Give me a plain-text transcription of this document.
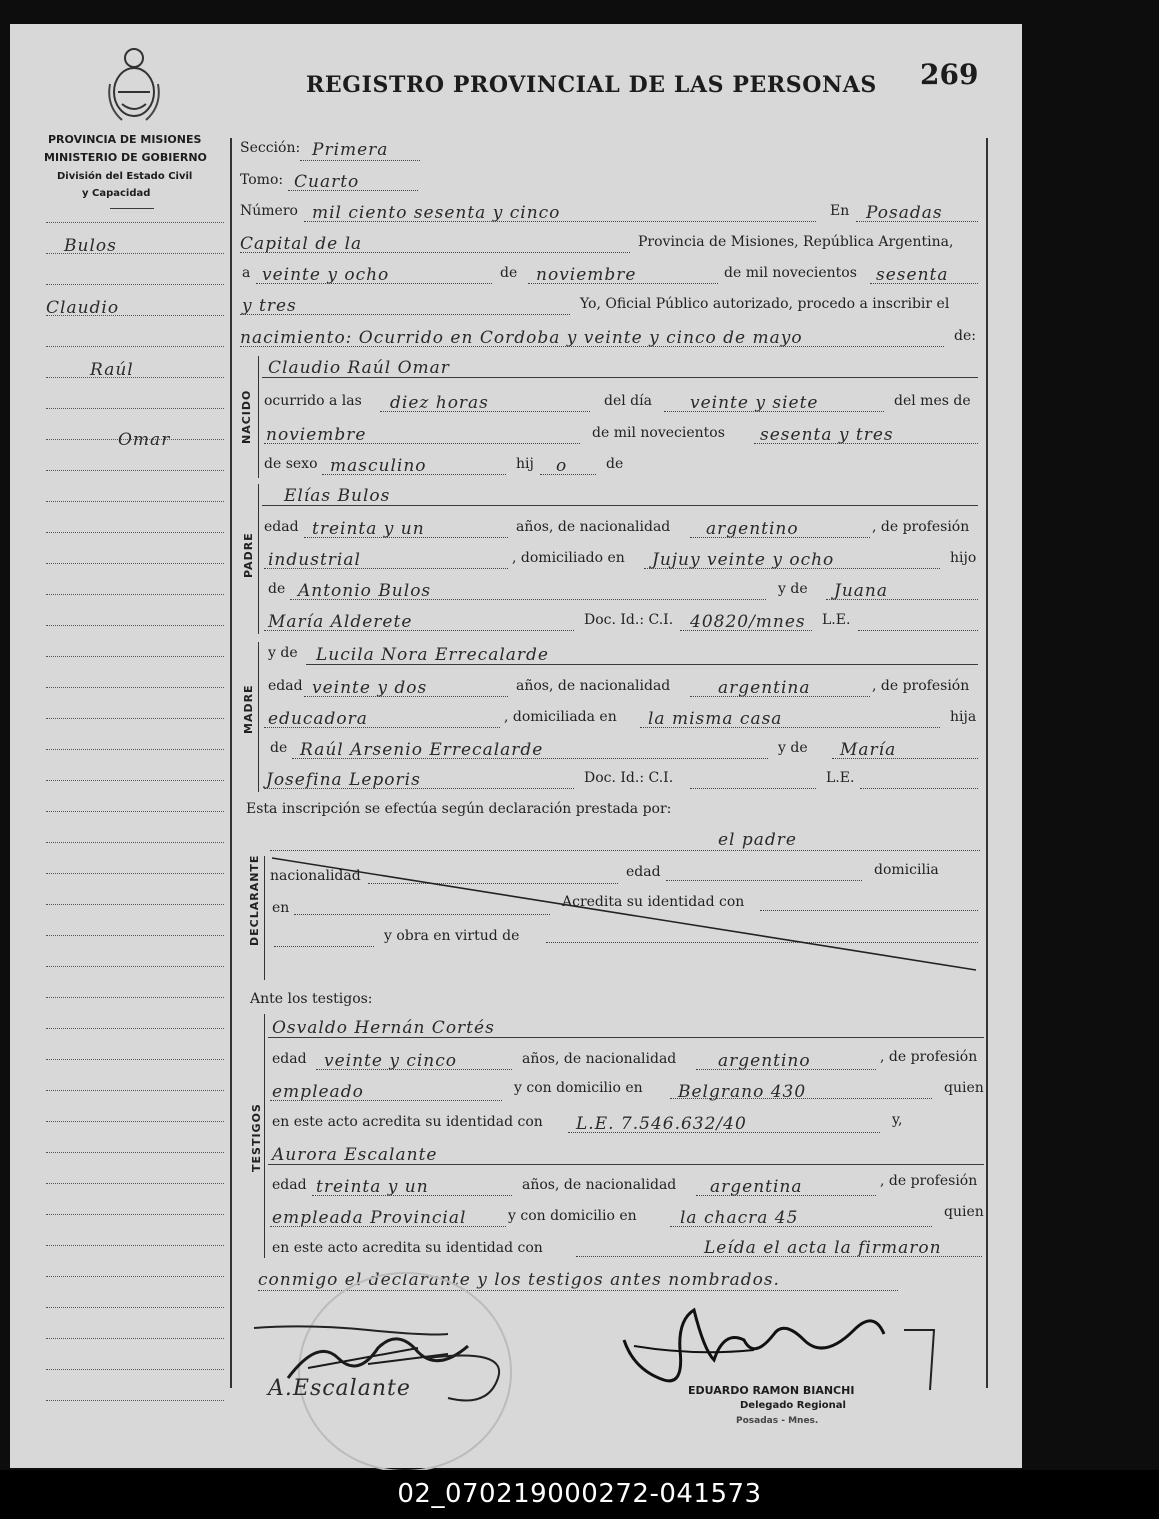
REGISTRO PROVINCIAL DE LAS PERSONAS 269
PROVINCIA DE MISIONES
MINISTERIO DE GOBIERNO
División del Estado Civil
y Capacidad
Bulos
Claudio
Raúl
Omar
Sección: Primera
Tomo: Cuarto
Número mil ciento sesenta y cinco	En Posadas
Capital de la	Provincia de Misiones, República Argentina,
a veinte y ocho	de noviembre	de mil novecientos sesenta
y tres	Yo, Oficial Público autorizado, procedo a inscribir el
nacimiento: Ocurrido en Cordoba y veinte y cinco de mayo	de:
NACIDO
Claudio Raúl Omar
ocurrido a las diez horas	del día veinte y siete	del mes de
noviembre	de mil novecientos sesenta y tres
de sexo masculino	hij o	de
PADRE
Elías Bulos
edad treinta y un	años, de nacionalidad argentino	, de profesión
industrial	, domiciliado en Jujuy veinte y ocho	hijo
de Antonio Bulos	y de Juana
María Alderete	Doc. Id.: C.I. 40820/mnes L.E.
MADRE
y de Lucila Nora Errecalarde
edad veinte y dos	años, de nacionalidad	argentina	, de profesión
educadora	, domiciliada en la misma casa	hija
de Raúl Arsenio Errecalarde	y de María
Josefina Leporis	Doc. Id.: C.I.	L.E.
Esta inscripción se efectúa según declaración prestada por:
el padre
DECLARANTE nacionalidad	edad	domicilia
en	Acredita su identidad con
y obra en virtud de
Ante los testigos:
TESTIGOS
Osvaldo Hernán Cortés
edad veinte y cinco	años, de nacionalidad argentino	, de profesión
empleado	y con domicilio en Belgrano 430	quien
en este acto acredita su identidad con L.E. 7.546.632/40	y,
Aurora Escalante
edad treinta y un	años, de nacionalidad argentina	, de profesión
empleada Provincial	y con domicilio en	la chacra 45	quien
en este acto acredita su identidad con	Leída el acta la firmaron
conmigo el declarante y los testigos antes nombrados.
A.Escalante	EDUARDO RAMON BIANCHI
Delegado Regional
Posadas - Mnes.
02_070219000272-041573
